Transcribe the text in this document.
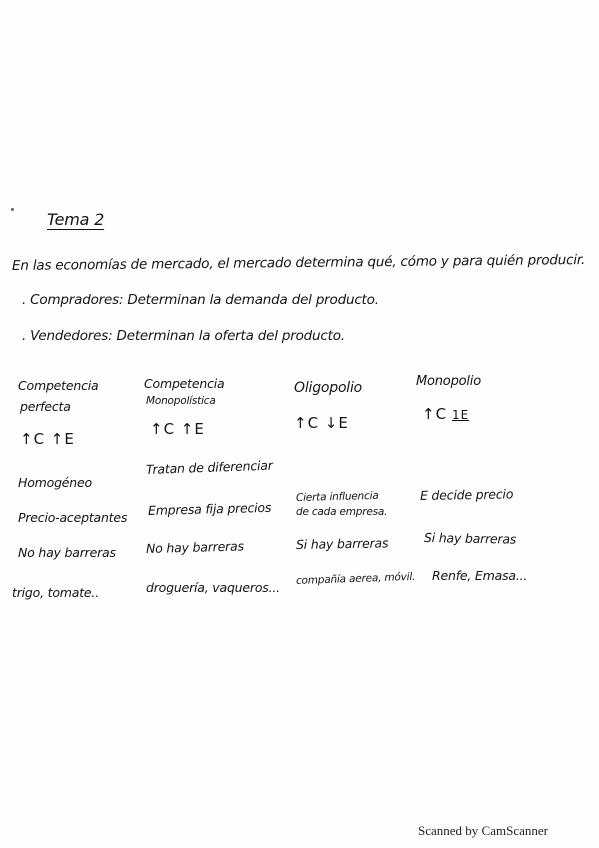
Tema 2
En las economías de mercado, el mercado determina qué, cómo y para quién producir.
. Compradores: Determinan la demanda del producto.
. Vendedores: Determinan la oferta del producto.
Competencia
perfecta
↑C ↑E
Homogéneo
Precio-aceptantes
No hay barreras
trigo, tomate..
Competencia
Monopolística
↑C ↑E
Tratan de diferenciar
Empresa fija precios
No hay barreras
droguería, vaqueros...
Oligopolio
↑C ↓E
Cierta influencia
de cada empresa.
Si hay barreras
compañía aerea, móvil.
Monopolio
↑C 1E
E decide precio
Si hay barreras
Renfe, Emasa...
Scanned by CamScanner
